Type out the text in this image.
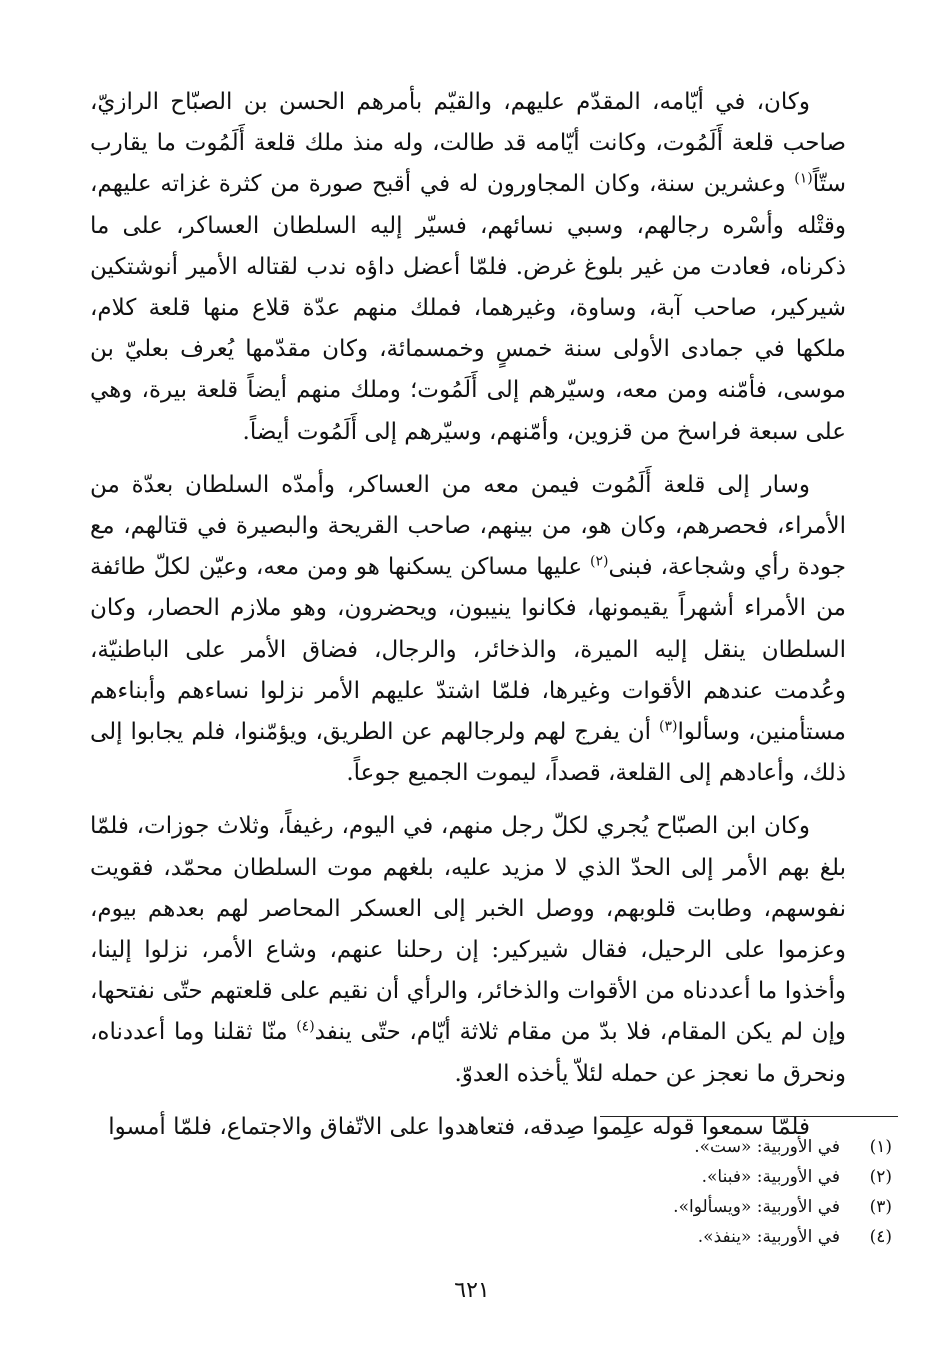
وكان، في أيّامه، المقدّم عليهم، والقيّم بأمرهم الحسن بن الصبّاح الرازيّ، صاحب قلعة أَلَمُوت، وكانت أيّامه قد طالت، وله منذ ملك قلعة أَلَمُوت ما يقارب ستّاً$^{(١)}$ وعشرين سنة، وكان المجاورون له في أقبح صورة من كثرة غزاته عليهم، وقتْله وأسْره رجالهم، وسبي نسائهم، فسيّر إليه السلطان العساكر، على ما ذكرناه، فعادت من غير بلوغ غرض. فلمّا أعضل داؤه ندب لقتاله الأمير أنوشتكين شيركير، صاحب آبة، وساوة، وغيرهما، فملك منهم عدّة قلاع منها قلعة كلام، ملكها في جمادى الأولى سنة خمسٍ وخمسمائة، وكان مقدّمها يُعرف بعليّ بن موسى، فأمّنه ومن معه، وسيّرهم إلى أَلَمُوت؛ وملك منهم أيضاً قلعة بيرة، وهي على سبعة فراسخ من قزوين، وأمّنهم، وسيّرهم إلى أَلَمُوت أيضاً.

وسار إلى قلعة أَلَمُوت فيمن معه من العساكر، وأمدّه السلطان بعدّة من الأمراء، فحصرهم، وكان هو، من بينهم، صاحب القريحة والبصيرة في قتالهم، مع جودة رأي وشجاعة، فبنى$^{(٢)}$ عليها مساكن يسكنها هو ومن معه، وعيّن لكلّ طائفة من الأمراء أشهراً يقيمونها، فكانوا ينيبون، ويحضرون، وهو ملازم الحصار، وكان السلطان ينقل إليه الميرة، والذخائر، والرجال، فضاق الأمر على الباطنيّة، وعُدمت عندهم الأقوات وغيرها، فلمّا اشتدّ عليهم الأمر نزلوا نساءهم وأبناءهم مستأمنين، وسألوا$^{(٣)}$ أن يفرج لهم ولرجالهم عن الطريق، ويؤمّنوا، فلم يجابوا إلى ذلك، وأعادهم إلى القلعة، قصداً، ليموت الجميع جوعاً.

وكان ابن الصبّاح يُجري لكلّ رجل منهم، في اليوم، رغيفاً، وثلاث جوزات، فلمّا بلغ بهم الأمر إلى الحدّ الذي لا مزيد عليه، بلغهم موت السلطان محمّد، فقويت نفوسهم، وطابت قلوبهم، ووصل الخبر إلى العسكر المحاصر لهم بعدهم بيوم، وعزموا على الرحيل، فقال شيركير: إن رحلنا عنهم، وشاع الأمر، نزلوا إلينا، وأخذوا ما أعددناه من الأقوات والذخائر، والرأي أن نقيم على قلعتهم حتّى نفتحها، وإن لم يكن المقام، فلا بدّ من مقام ثلاثة أيّام، حتّى ينفد$^{(٤)}$ منّا ثقلنا وما أعددناه، ونحرق ما نعجز عن حمله لئلاّ يأخذه العدوّ.

فلمّا سمعوا قوله علِموا صِدقه، فتعاهدوا على الاتّفاق والاجتماع، فلمّا أمسوا

(١)
في الأوربية: «ست».
(٢)
في الأوربية: «فبنا».
(٣)
في الأوربية: «ويسألوا».
(٤)
في الأوربية: «ينفذ».
٦٢١
